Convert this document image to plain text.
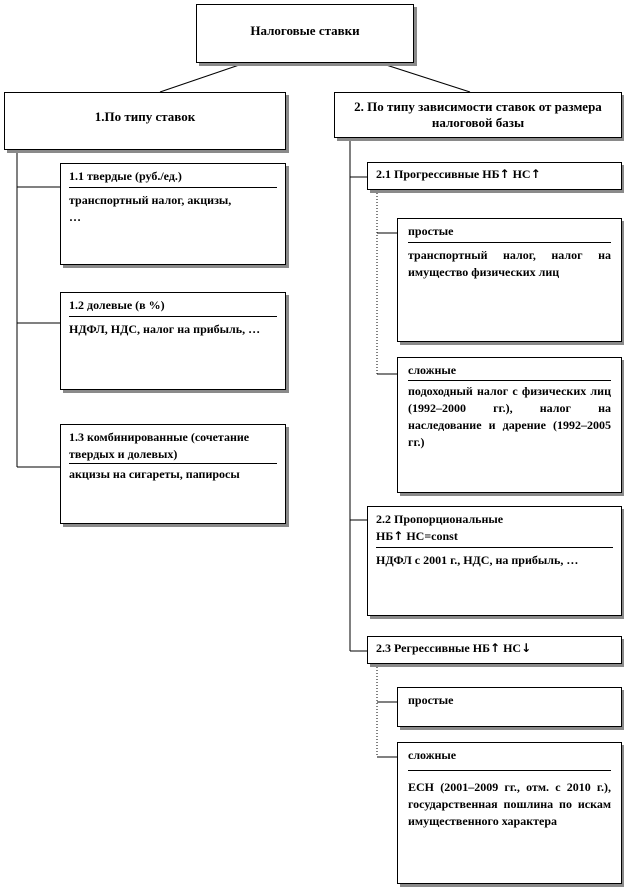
Налоговые ставки
1.По типу ставок
2. По типу зависимости ставок от размера налоговой базы
1.1 твердые (руб./ед.)
транспортный налог, акцизы,
…
1.2 долевые (в %)
НДФЛ, НДС, налог на прибыль, …
1.3 комбинированные (сочетание твердых и долевых)
акцизы на сигареты, папиросы
2.1 Прогрессивные НБ↑ НС↑
простые
транспортный налог, налог на имущество физических лиц
сложные
подоходный налог с физических лиц (1992–2000 гг.), налог на наследование и дарение (1992–2005 гг.)
2.2 Пропорциональные
НБ↑ НС=const
НДФЛ с 2001 г., НДС, на прибыль, …
2.3 Регрессивные НБ↑ НС↓
простые
сложные
ЕСН (2001–2009 гг., отм. с 2010 г.), государственная пошлина по искам имущественного характера
